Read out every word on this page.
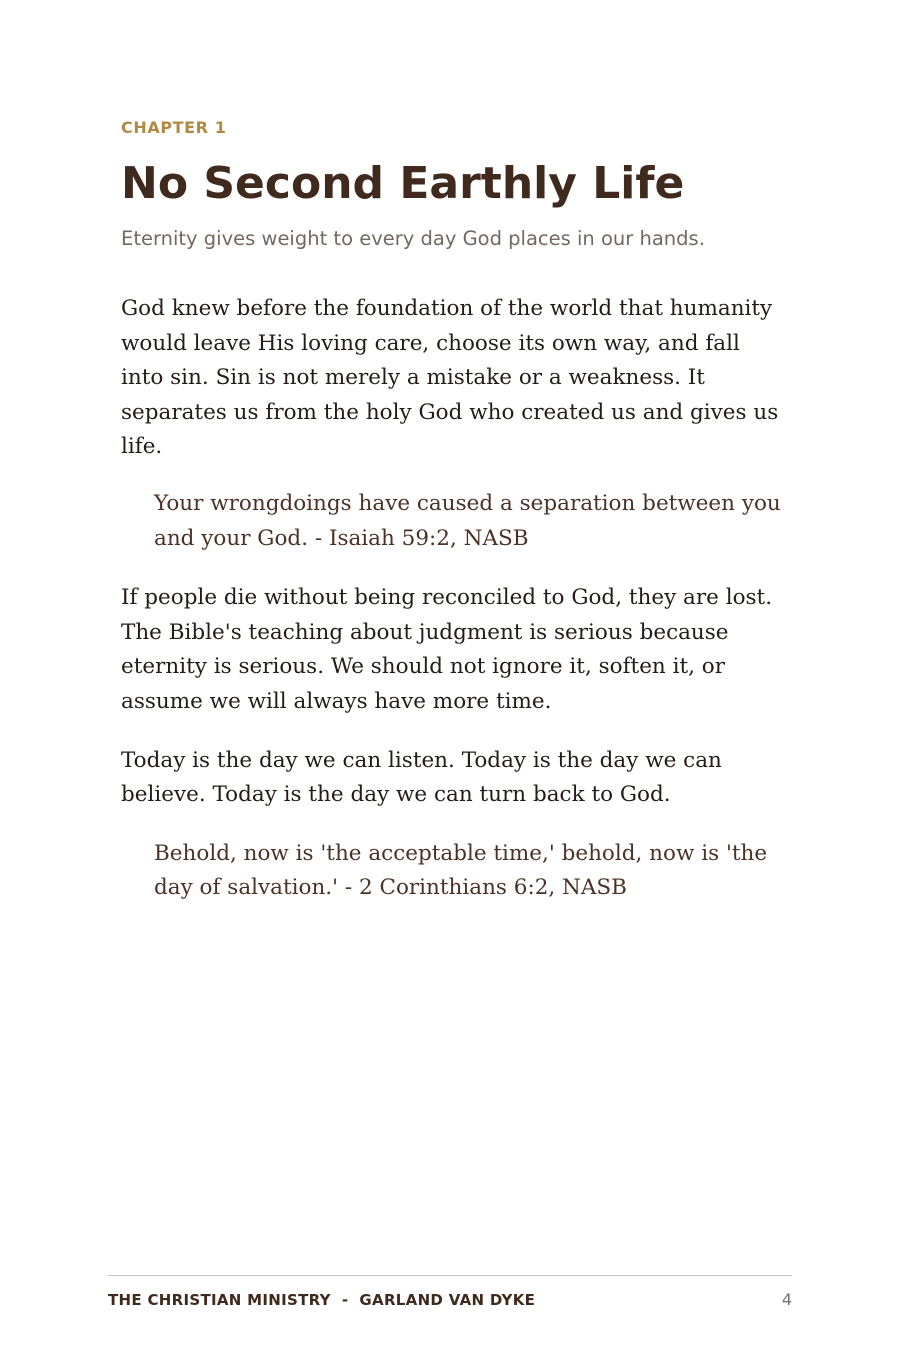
CHAPTER 1

No Second Earthly Life

Eternity gives weight to every day God places in our hands.

God knew before the foundation of the world that humanity would leave His loving care, choose its own way, and fall into sin. Sin is not merely a mistake or a weakness. It separates us from the holy God who created us and gives us life.

Your wrongdoings have caused a separation between you and your God. - Isaiah 59:2, NASB

If people die without being reconciled to God, they are lost. The Bible's teaching about judgment is serious because eternity is serious. We should not ignore it, soften it, or assume we will always have more time.

Today is the day we can listen. Today is the day we can believe. Today is the day we can turn back to God.

Behold, now is 'the acceptable time,' behold, now is 'the day of salvation.' - 2 Corinthians 6:2, NASB
THE CHRISTIAN MINISTRY  -  GARLAND VAN DYKE	4
